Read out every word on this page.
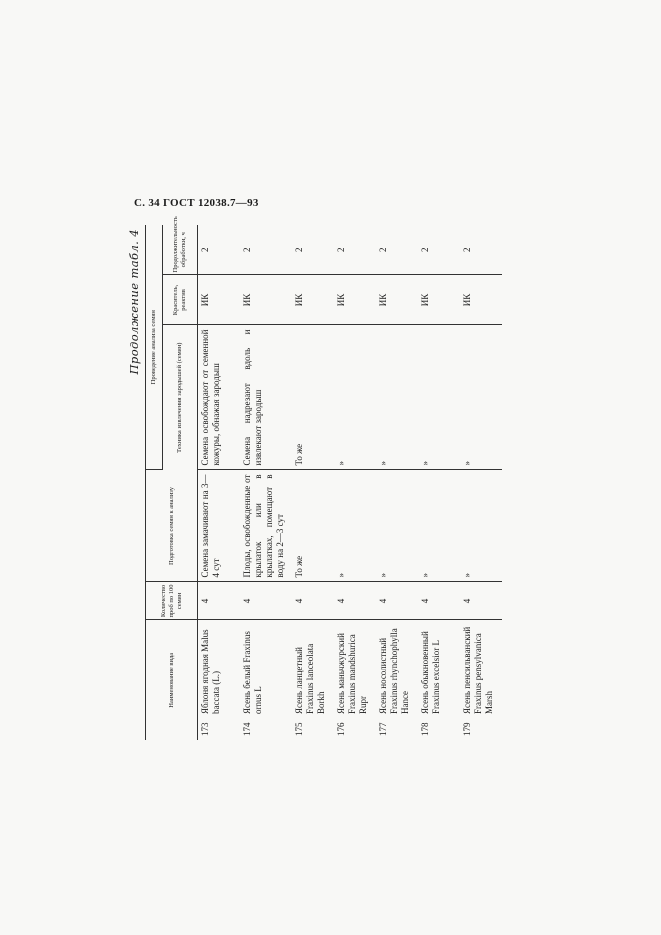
С. 34 ГОСТ 12038.7—93
Продолжение табл. 4
Наименование вида		Количество проб по 100 семян	Подготовка семян к анализу	Проведение анализа семян		
				Техника извлечения зародышей (семян)	Краситель, реактив	Продолжительность обработки, ч
173	Яблоня ягодная Malus baccata (L.)	4	Семена замачивают на 3—4 сут	Семена освобождают от семенной кожуры, обнажая зародыш	ИК	2
174	Ясень белый Fraxinus ornus L	4	Плоды, освобожденные от крылаток или в крылатках, помещают в воду на 2—3 сут	Семена надрезают вдоль и извлекают зародыш	ИК	2
175	Ясень ланцетный Fraxinus lanceolata Borkh	4	То же	То же	ИК	2
176	Ясень маньчжурский Fraxinus mandshurica Rupr	4	»	»	ИК	2
177	Ясень носолистный Fraxinus rhynchophylla Hance	4	»	»	ИК	2
178	Ясень обыкновенный Fraxinus excelsior L	4	»	»	ИК	2
179	Ясень пенсильванский Fraxinus pensylvanica Marsh	4	»	»	ИК	2
